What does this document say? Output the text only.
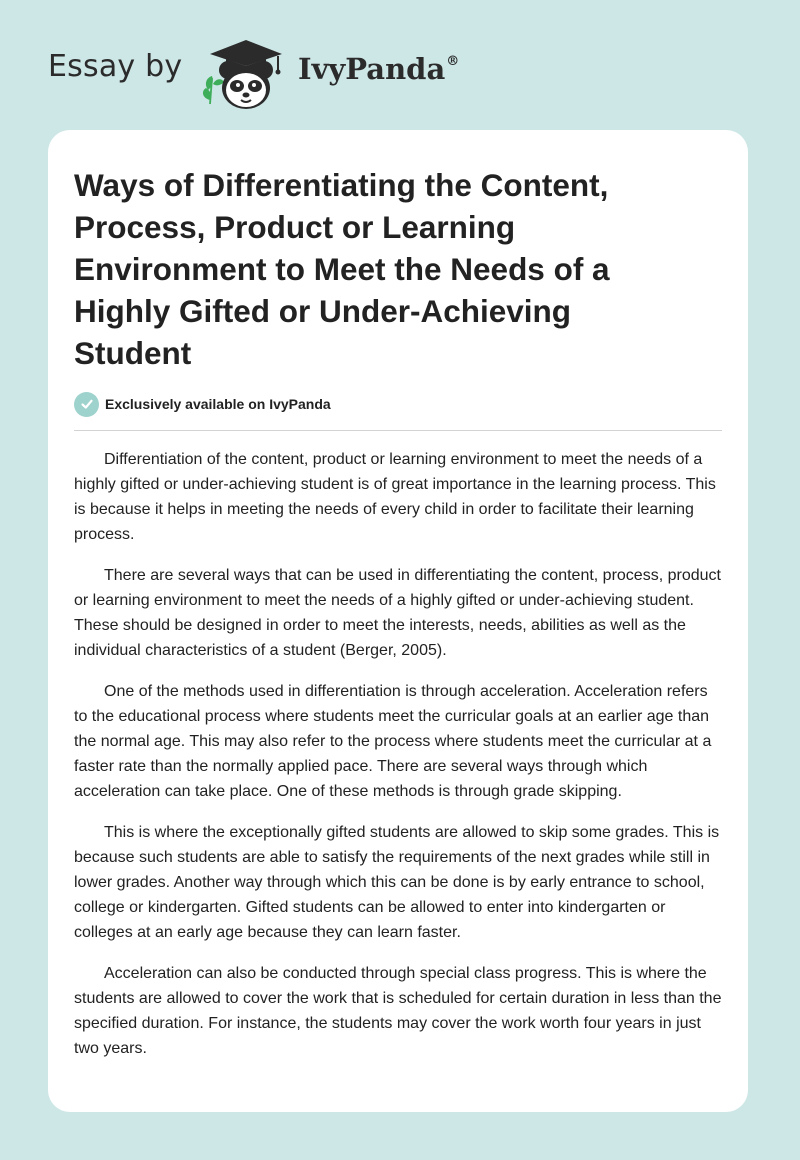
Essay by	IvyPanda®
Ways of Differentiating the Content, Process, Product or Learning Environment to Meet the Needs of a Highly Gifted or Under-Achieving Student
Exclusively available on IvyPanda

Differentiation of the content, product or learning environment to meet the needs of a highly gifted or under-achieving student is of great importance in the learning process. This is because it helps in meeting the needs of every child in order to facilitate their learning process.

There are several ways that can be used in differentiating the content, process, product or learning environment to meet the needs of a highly gifted or under-achieving student. These should be designed in order to meet the interests, needs, abilities as well as the individual characteristics of a student (Berger, 2005).

One of the methods used in differentiation is through acceleration. Acceleration refers to the educational process where students meet the curricular goals at an earlier age than the normal age. This may also refer to the process where students meet the curricular at a faster rate than the normally applied pace. There are several ways through which acceleration can take place. One of these methods is through grade skipping.

This is where the exceptionally gifted students are allowed to skip some grades. This is because such students are able to satisfy the requirements of the next grades while still in lower grades. Another way through which this can be done is by early entrance to school, college or kindergarten. Gifted students can be allowed to enter into kindergarten or colleges at an early age because they can learn faster.

Acceleration can also be conducted through special class progress. This is where the students are allowed to cover the work that is scheduled for certain duration in less than the specified duration. For instance, the students may cover the work worth four years in just two years.
